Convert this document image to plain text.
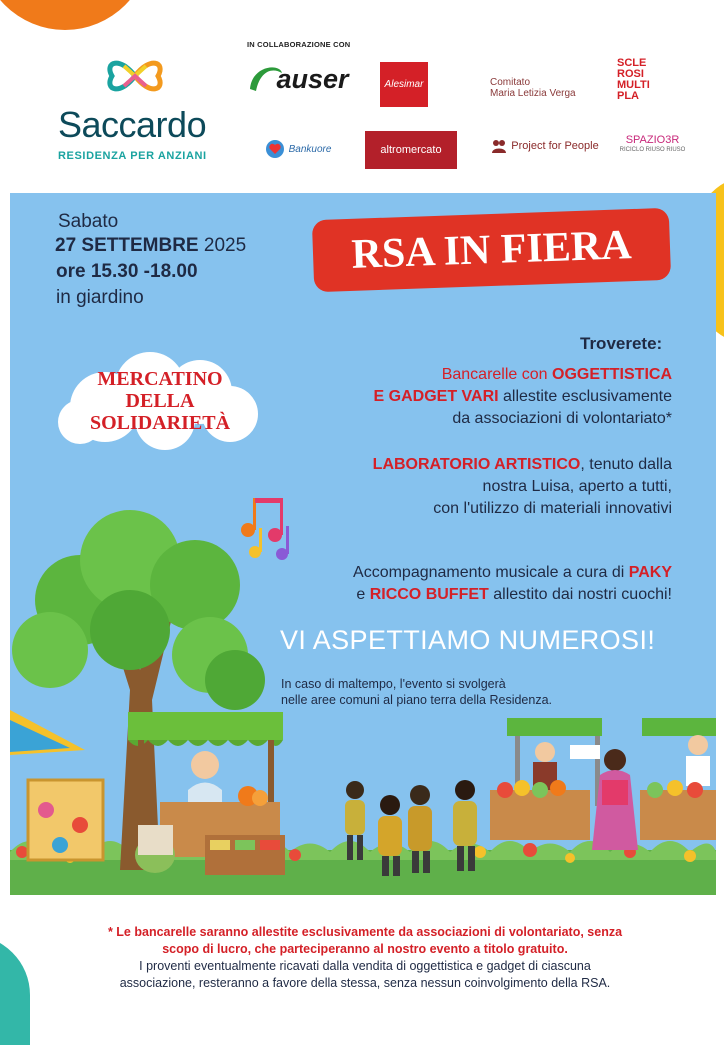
IN COLLABORAZIONE CON
Saccardo
RESIDENZA PER ANZIANI
auser	Alesimar	Comitato
Maria Letizia Verga
SCLE
ROSI
MULTI
PLA
Bankuore	altromercato	Project for People SPAZIO3R
RICICLO RIUSO RIUSO
Sabato
27 SETTEMBRE 2025
ore 15.30 -18.00
in giardino
RSA IN FIERA
MERCATINO
DELLA
SOLIDARIETÀ
Troverete:
Bancarelle con OGGETTISTICA
E GADGET VARI allestite esclusivamente
da associazioni di volontariato*
LABORATORIO ARTISTICO, tenuto dalla
nostra Luisa, aperto a tutti,
con l'utilizzo di materiali innovativi
Accompagnamento musicale a cura di PAKY
e RICCO BUFFET allestito dai nostri cuochi!
VI ASPETTIAMO NUMEROSI!
In caso di maltempo, l'evento si svolgerà
nelle aree comuni al piano terra della Residenza.
* Le bancarelle saranno allestite esclusivamente da associazioni di volontariato, senza
scopo di lucro, che parteciperanno al nostro evento a titolo gratuito.
I proventi eventualmente ricavati dalla vendita di oggettistica e gadget di ciascuna
associazione, resteranno a favore della stessa, senza nessun coinvolgimento della RSA.
